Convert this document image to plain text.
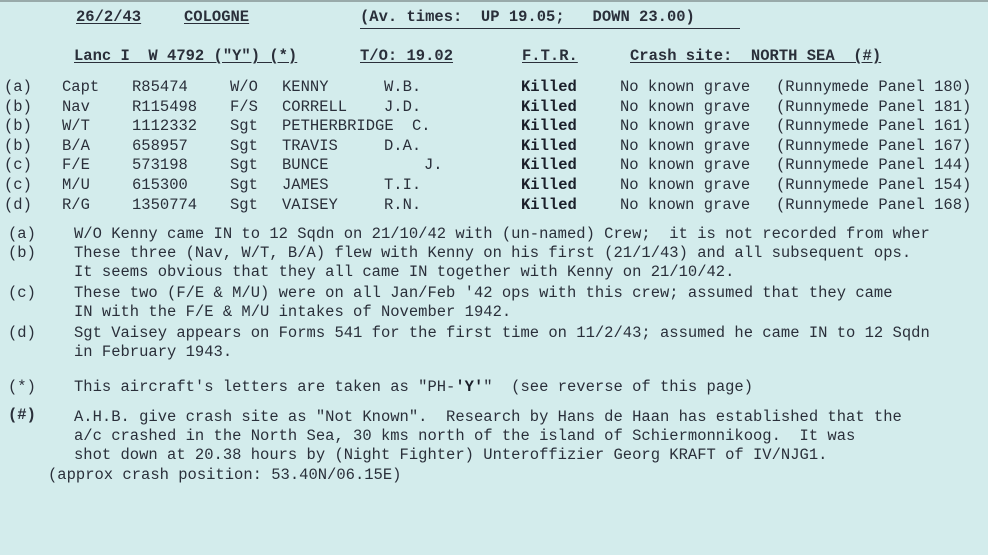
26/2/43	COLOGNE	(Av. times:  UP 19.05;   DOWN 23.00)
Lanc I  W 4792 ("Y") (*)	T/O: 19.02	F.T.R.	Crash site:  NORTH SEA  (#)
(a) Capt R85474	W/O KENNY	W.B.	Killed	No known grave (Runnymede Panel 180)
(b) Nav	R115498 F/S CORRELL J.D.	Killed	No known grave (Runnymede Panel 181)
(b) W/T	1112332 Sgt PETHERBRIDGE C.	Killed	No known grave (Runnymede Panel 161)
(b) B/A	658957	Sgt TRAVIS	D.A.	Killed	No known grave (Runnymede Panel 167)
(c) F/E	573198	Sgt BUNCE	J.	Killed	No known grave (Runnymede Panel 144)
(c) M/U	615300	Sgt JAMES	T.I.	Killed	No known grave (Runnymede Panel 154)
(d) R/G	1350774 Sgt VAISEY	R.N.	Killed	No known grave (Runnymede Panel 168)
(a) W/O Kenny came IN to 12 Sqdn on 21/10/42 with (un-named) Crew;  it is not recorded from wher
(b) These three (Nav, W/T, B/A) flew with Kenny on his first (21/1/43) and all subsequent ops.
It seems obvious that they all came IN together with Kenny on 21/10/42.
(c) These two (F/E & M/U) were on all Jan/Feb '42 ops with this crew; assumed that they came
IN with the F/E & M/U intakes of November 1942.
(d) Sgt Vaisey appears on Forms 541 for the first time on 11/2/43; assumed he came IN to 12 Sqdn
in February 1943.
(*) This aircraft's letters are taken as "PH-'Y'"  (see reverse of this page)
(#) A.H.B. give crash site as "Not Known".  Research by Hans de Haan has established that the
a/c crashed in the North Sea, 30 kms north of the island of Schiermonnikoog.  It was
shot down at 20.38 hours by (Night Fighter) Unteroffizier Georg KRAFT of IV/NJG1.
(approx crash position: 53.40N/06.15E)
